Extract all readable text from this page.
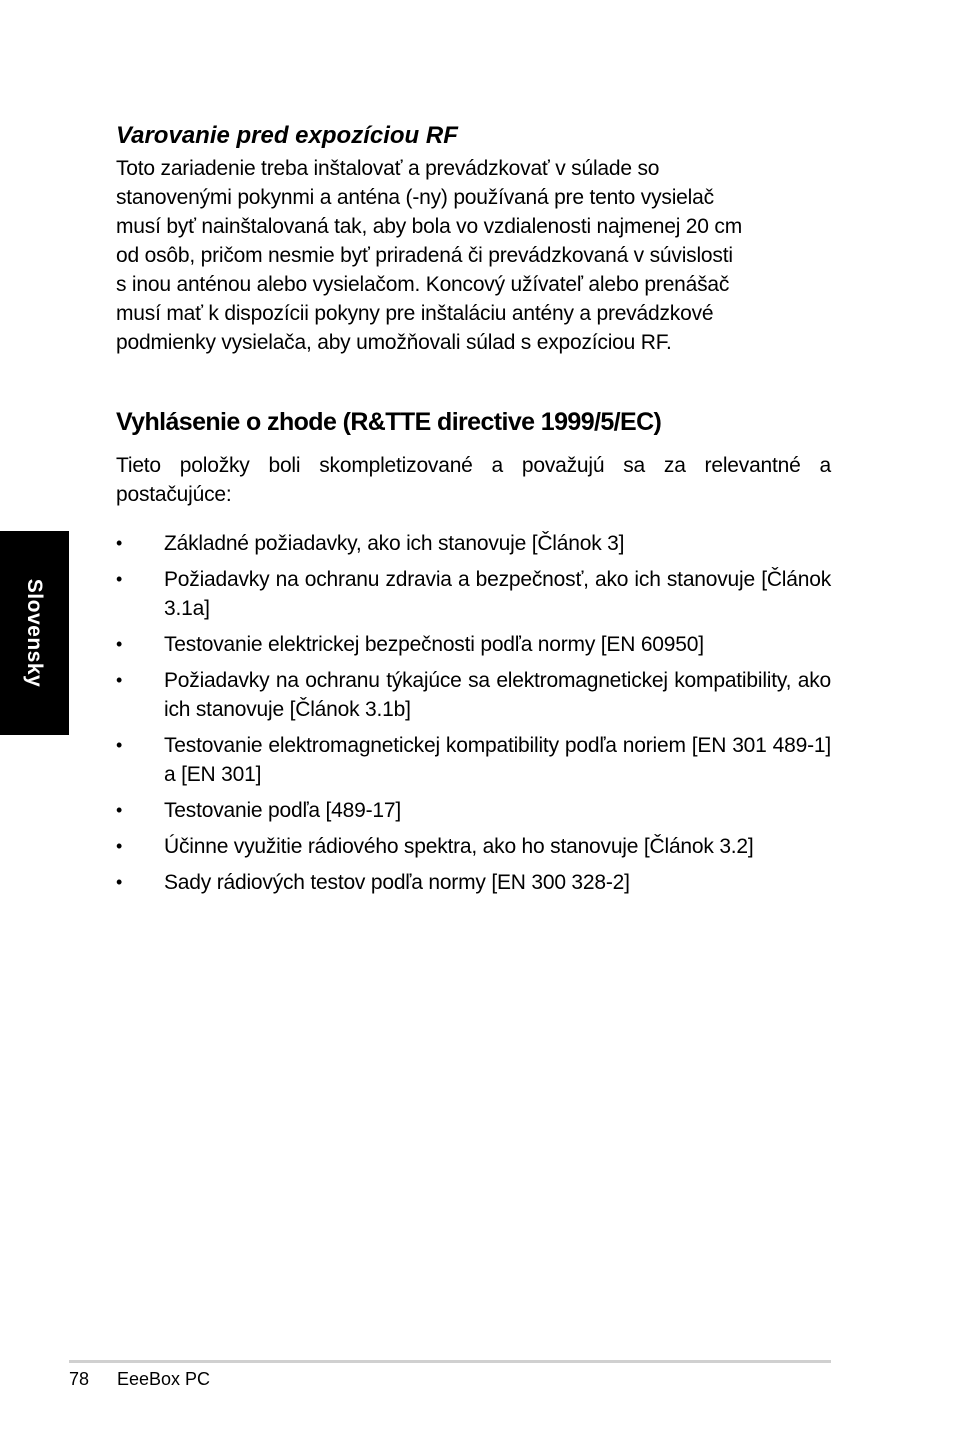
Slovensky
Varovanie pred expozíciou RF

Toto zariadenie treba inštalovať a prevádzkovať v súlade so
stanovenými pokynmi a anténa (-ny) používaná pre tento vysielač
musí byť nainštalovaná tak, aby bola vo vzdialenosti najmenej 20 cm
od osôb, pričom nesmie byť priradená či prevádzkovaná v súvislosti
s inou anténou alebo vysielačom. Koncový užívateľ alebo prenášač
musí mať k dispozícii pokyny pre inštaláciu antény a prevádzkové
podmienky vysielača, aby umožňovali súlad s expozíciou RF.

Vyhlásenie o zhode (R&TTE directive 1999/5/EC)

Tieto položky boli skompletizované a považujú sa za relevantné a postačujúce:

• Základné požiadavky, ako ich stanovuje [Článok 3]
• Požiadavky na ochranu zdravia a bezpečnosť, ako ich stanovuje [Článok 3.1a]
• Testovanie elektrickej bezpečnosti podľa normy [EN 60950]
• Požiadavky na ochranu týkajúce sa elektromagnetickej kompatibility, ako ich stanovuje [Článok 3.1b]
• Testovanie elektromagnetickej kompatibility podľa noriem [EN 301 489-1] a [EN 301]
• Testovanie podľa [489-17]
• Účinne využitie rádiového spektra, ako ho stanovuje [Článok 3.2]
• Sady rádiových testov podľa normy [EN 300 328-2]
78 EeeBox PC
